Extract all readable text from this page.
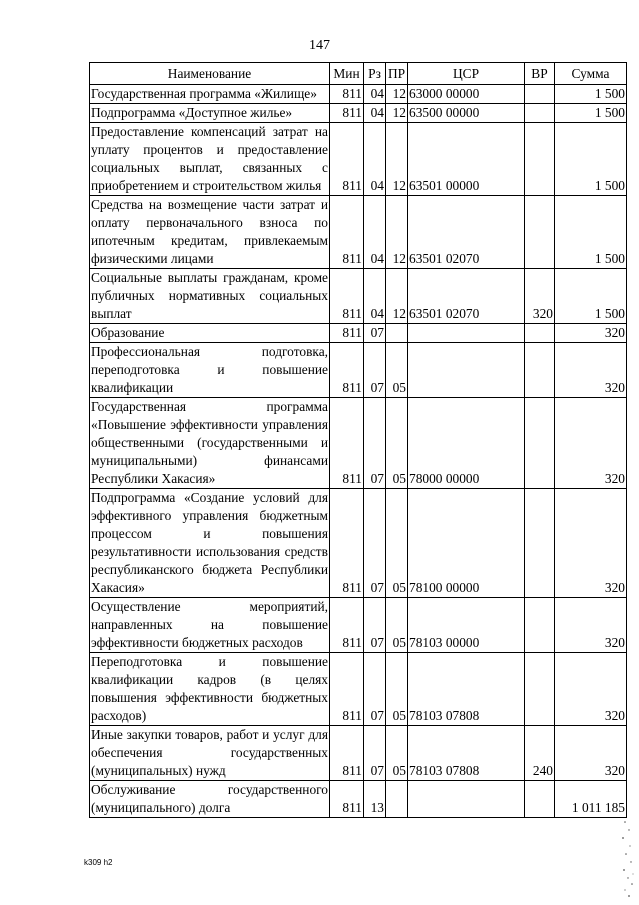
147
Наименование	Мин	Рз	ПР	ЦСР	ВР	Сумма
Государственная программа «Жилище»	811	04	12	63000 00000		1 500
Подпрограмма «Доступное жилье»	811	04	12	63500 00000		1 500
Предоставление компенсаций затрат на уплату процентов и предоставление социальных выплат, связанных с приобретением и строительством жилья	811	04	12	63501 00000		1 500
Средства на возмещение части затрат и оплату первоначального взноса по ипотечным кредитам, привлекаемым физическими лицами	811	04	12	63501 02070		1 500
Социальные выплаты гражданам, кроме публичных нормативных социальных выплат	811	04	12	63501 02070	320	1 500
Образование	811	07				320
Профессиональная подготовка, переподготовка и повышение квалификации	811	07	05			320
Государственная программа «Повышение эффективности управления общественными (государственными и муниципальными) финансами Республики Хакасия»	811	07	05	78000 00000		320
Подпрограмма «Создание условий для эффективного управления бюджетным процессом и повышения результативности использования средств республиканского бюджета Республики Хакасия»	811	07	05	78100 00000		320
Осуществление мероприятий, направленных на повышение эффективности бюджетных расходов	811	07	05	78103 00000		320
Переподготовка и повышение квалификации кадров (в целях повышения эффективности бюджетных расходов)	811	07	05	78103 07808		320
Иные закупки товаров, работ и услуг для обеспечения государственных (муниципальных) нужд	811	07	05	78103 07808	240	320
Обслуживание государственного (муниципального) долга	811	13				1 011 185
k309 h2
